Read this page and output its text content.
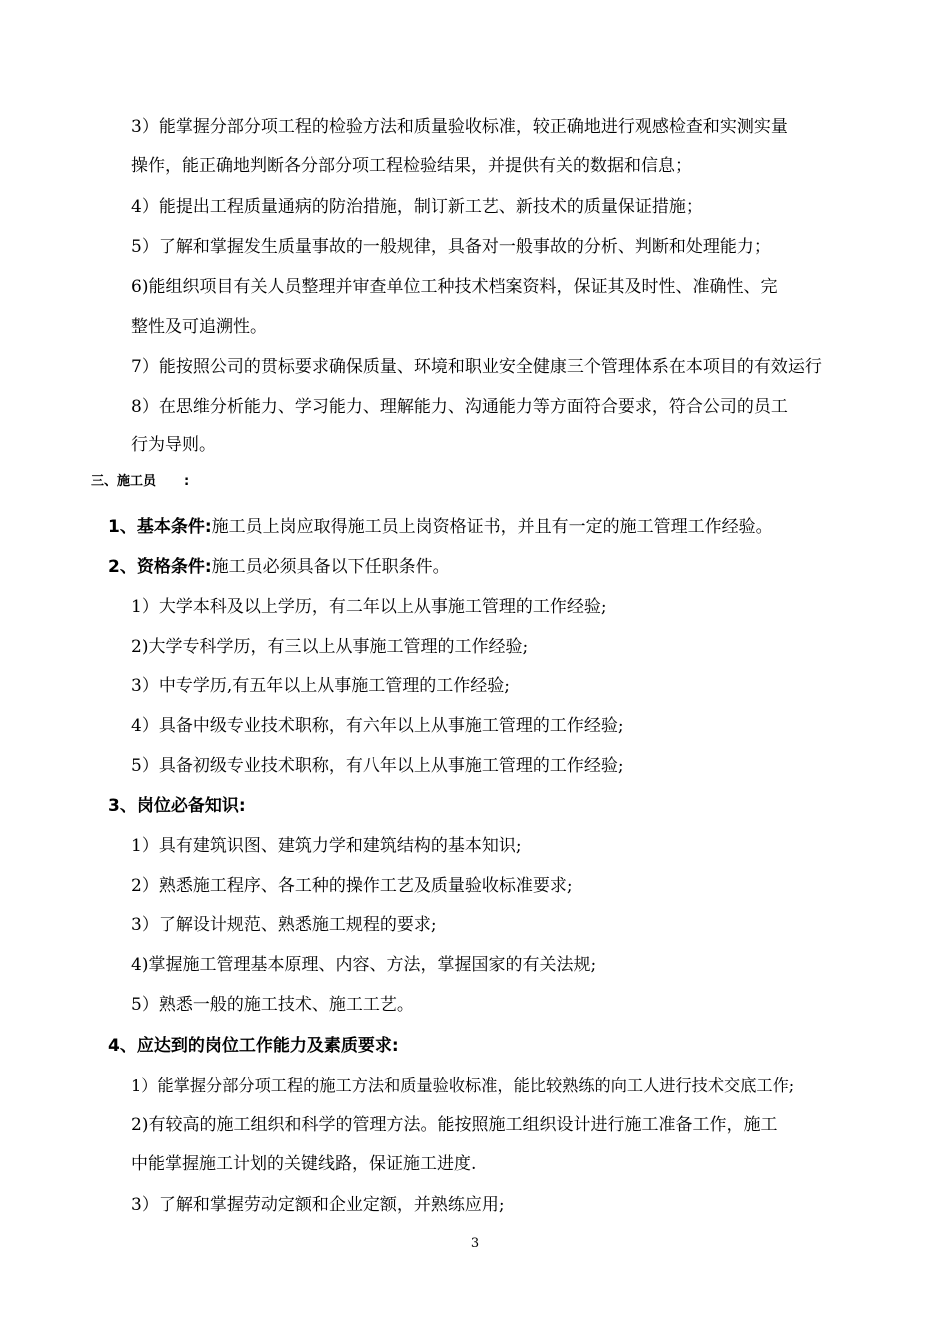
3）能掌握分部分项工程的检验方法和质量验收标准，较正确地进行观感检查和实测实量
操作，能正确地判断各分部分项工程检验结果，并提供有关的数据和信息；
4）能提出工程质量通病的防治措施，制订新工艺、新技术的质量保证措施；
5）了解和掌握发生质量事故的一般规律，具备对一般事故的分析、判断和处理能力；
6)能组织项目有关人员整理并审查单位工种技术档案资料，保证其及时性、准确性、完
整性及可追溯性。
7）能按照公司的贯标要求确保质量、环境和职业安全健康三个管理体系在本项目的有效运行
8）在思维分析能力、学习能力、理解能力、沟通能力等方面符合要求，符合公司的员工
行为导则。
三、施工员 :
1、基本条件:施工员上岗应取得施工员上岗资格证书，并且有一定的施工管理工作经验。
2、资格条件:施工员必须具备以下任职条件。
1）大学本科及以上学历，有二年以上从事施工管理的工作经验;
2)大学专科学历，有三以上从事施工管理的工作经验;
3）中专学历,有五年以上从事施工管理的工作经验;
4）具备中级专业技术职称，有六年以上从事施工管理的工作经验;
5）具备初级专业技术职称，有八年以上从事施工管理的工作经验;
3、岗位必备知识:
1）具有建筑识图、建筑力学和建筑结构的基本知识;
2）熟悉施工程序、各工种的操作工艺及质量验收标准要求;
3）了解设计规范、熟悉施工规程的要求;
4)掌握施工管理基本原理、内容、方法，掌握国家的有关法规;
5）熟悉一般的施工技术、施工工艺。
4、应达到的岗位工作能力及素质要求:
1）能掌握分部分项工程的施工方法和质量验收标准，能比较熟练的向工人进行技术交底工作;
2)有较高的施工组织和科学的管理方法。能按照施工组织设计进行施工准备工作，施工
中能掌握施工计划的关键线路，保证施工进度.
3）了解和掌握劳动定额和企业定额，并熟练应用;
3
